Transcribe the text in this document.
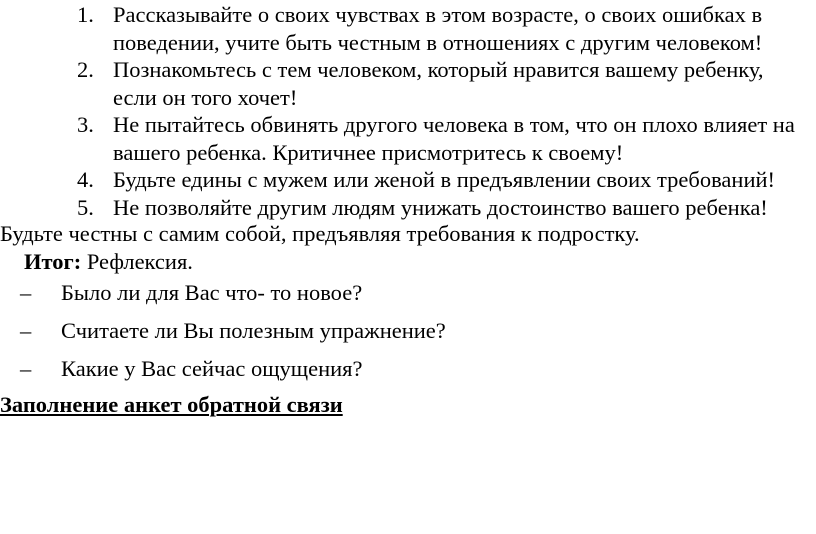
1. Рассказывайте о своих чувствах в этом возрасте, о своих ошибках в поведении, учите быть честным в отношениях с другим человеком!
2. Познакомьтесь с тем человеком, который нравится вашему ребенку, если он того хочет!
3. Не пытайтесь обвинять другого человека в том, что он плохо влияет на вашего ребенка. Критичнее присмотритесь к своему!
4. Будьте едины с мужем или женой в предъявлении своих требований!
5. Не позволяйте другим людям унижать достоинство вашего ребенка!

Будьте честны с самим собой, предъявляя требования к подростку.

Итог: Рефлексия.

– Было ли для Вас что- то новое?
– Считаете ли Вы полезным упражнение?
– Какие у Вас сейчас ощущения?

Заполнение анкет обратной связи
